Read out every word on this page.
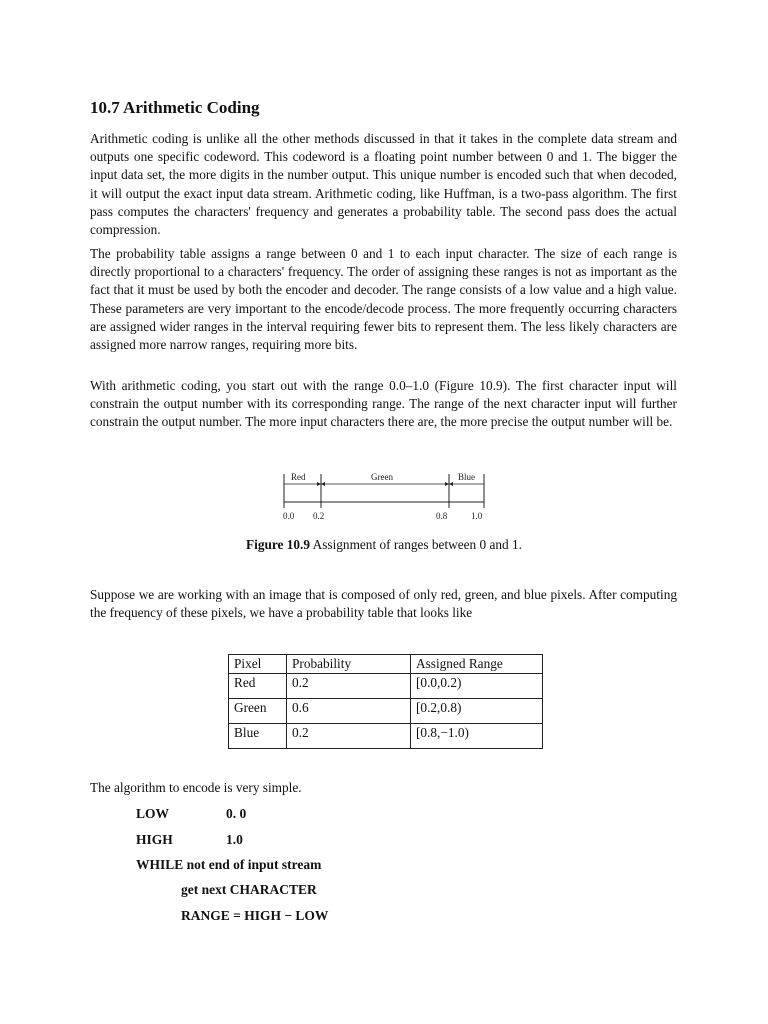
10.7 Arithmetic Coding

Arithmetic coding is unlike all the other methods discussed in that it takes in the complete data stream and outputs one specific codeword. This codeword is a floating point number between 0 and 1. The bigger the input data set, the more digits in the number output. This unique number is encoded such that when decoded, it will output the exact input data stream. Arithmetic coding, like Huffman, is a two-pass algorithm. The first pass computes the characters' frequency and generates a probability table. The second pass does the actual compression.

The probability table assigns a range between 0 and 1 to each input character. The size of each range is directly proportional to a characters' frequency. The order of assigning these ranges is not as important as the fact that it must be used by both the encoder and decoder. The range consists of a low value and a high value. These parameters are very important to the encode/decode process. The more frequently occurring characters are assigned wider ranges in the interval requiring fewer bits to represent them. The less likely characters are assigned more narrow ranges, requiring more bits.

With arithmetic coding, you start out with the range 0.0–1.0 (Figure 10.9). The first character input will constrain the output number with its corresponding range. The range of the next character input will further constrain the output number. The more input characters there are, the more precise the output number will be.

Red	Green	Blue
0.0 0.2	0.8	1.0
Figure 10.9 Assignment of ranges between 0 and 1.

Suppose we are working with an image that is composed of only red, green, and blue pixels. After computing the frequency of these pixels, we have a probability table that looks like

Pixel	Probability	Assigned Range
Red	0.2	[0.0,0.2)
Green	0.6	[0.2,0.8)
Blue	0.2	[0.8,−1.0)
The algorithm to encode is very simple.
LOW	0. 0
HIGH	1.0
WHILE not end of input stream
get next CHARACTER
RANGE = HIGH − LOW
